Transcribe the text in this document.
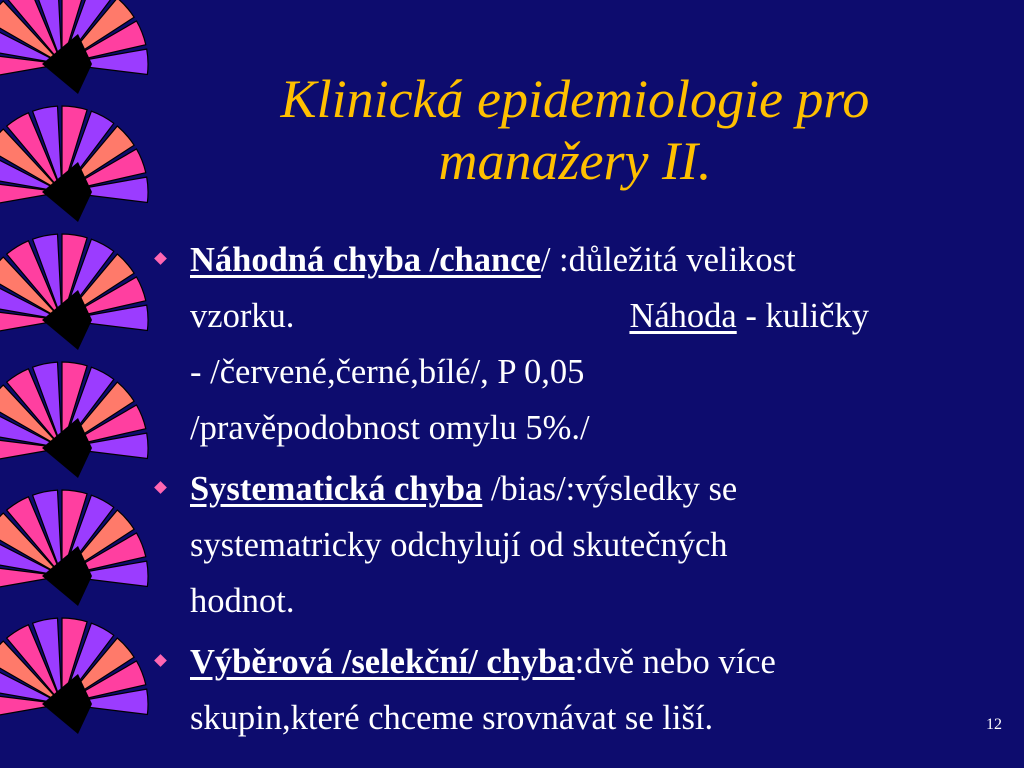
Klinická epidemiologie pro
manažery II.
Náhodná chyba /chance/ :důležitá velikost
vzorku.	Náhoda - kuličky
- /červené,černé,bílé/, P 0,05
/pravěpodobnost omylu 5%./
Systematická chyba /bias/:výsledky se
systematricky odchylují od skutečných
hodnot.
Výběrová /selekční/ chyba:dvě nebo více
skupin,které chceme srovnávat se liší.	12
